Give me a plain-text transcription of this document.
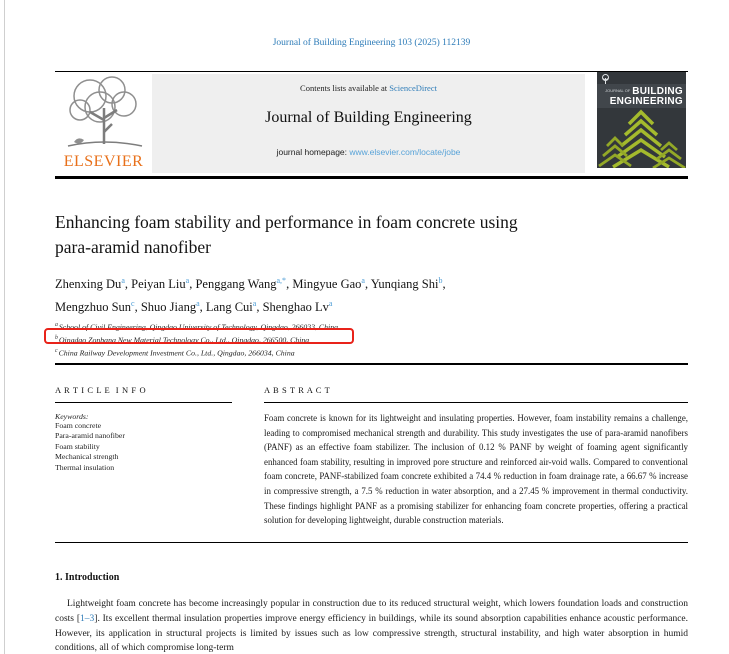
Journal of Building Engineering 103 (2025) 112139
ELSEVIER
Contents lists available at ScienceDirect
Journal of Building Engineering
journal homepage: www.elsevier.com/locate/jobe
JOURNAL OF BUILDING
ENGINEERING
Enhancing foam stability and performance in foam concrete using
para-aramid nanofiber
Zhenxing Du$^a$, Peiyan Liu$^a$, Penggang Wang$^{a,*}$, Mingyue Gao$^a$, Yunqiang Shi$^b$,
Mengzhuo Sun$^c$, Shuo Jiang$^a$, Lang Cui$^a$, Shenghao Lv$^a$
$^a$School of Civil Engineering, Qingdao University of Technology, Qingdao, 266033, China
$^b$Qingdao Zonbang New Material Technology Co., Ltd., Qingdao, 266500, China
$^c$China Railway Development Investment Co., Ltd., Qingdao, 266034, China
A R T I C L E  I N F O
Keywords:
Foam concrete
Para-aramid nanofiber
Foam stability
Mechanical strength
Thermal insulation
A B S T R A C T
Foam concrete is known for its lightweight and insulating properties. However, foam instability remains a challenge, leading to compromised mechanical strength and durability. This study investigates the use of para-aramid nanofibers (PANF) as an effective foam stabilizer. The inclusion of 0.12 % PANF by weight of foaming agent significantly enhanced foam stability, resulting in improved pore structure and reinforced air-void walls. Compared to conventional foam concrete, PANF-stabilized foam concrete exhibited a 74.4 % reduction in foam drainage rate, a 66.67 % increase in compressive strength, a 7.5 % reduction in water absorption, and a 27.45 % improvement in thermal conductivity. These findings highlight PANF as a promising stabilizer for enhancing foam concrete properties, offering a practical solution for developing lightweight, durable construction materials.
1. Introduction
Lightweight foam concrete has become increasingly popular in construction due to its reduced structural weight, which lowers foundation loads and construction costs [1–3]. Its excellent thermal insulation properties improve energy efficiency in buildings, while its sound absorption capabilities enhance acoustic performance. However, its application in structural projects is limited by issues such as low compressive strength, structural instability, and high water absorption in humid conditions, all of which compromise long-term
